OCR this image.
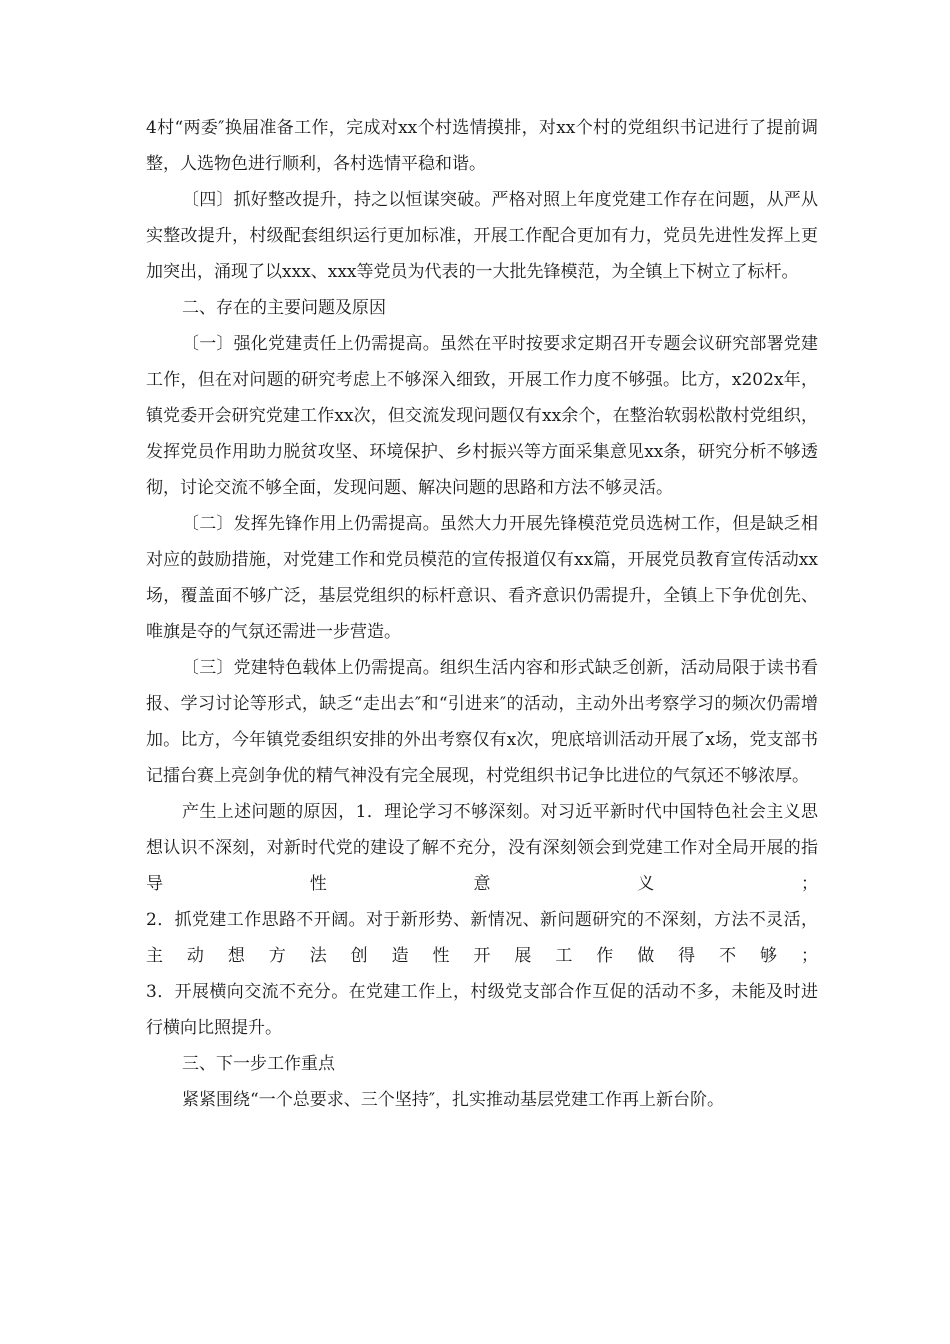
4村“两委″换届准备工作，完成对xx个村选情摸排，对xx个村的党组织书记进行了提前调整，人选物色进行顺利，各村选情平稳和谐。

〔四〕抓好整改提升，持之以恒谋突破。严格对照上年度党建工作存在问题，从严从实整改提升，村级配套组织运行更加标准，开展工作配合更加有力，党员先进性发挥上更加突出，涌现了以xxx、xxx等党员为代表的一大批先锋模范，为全镇上下树立了标杆。

二、存在的主要问题及原因

〔一〕强化党建责任上仍需提高。虽然在平时按要求定期召开专题会议研究部署党建工作，但在对问题的研究考虑上不够深入细致，开展工作力度不够强。比方，x202x年，镇党委开会研究党建工作xx次，但交流发现问题仅有xx余个，在整治软弱松散村党组织，发挥党员作用助力脱贫攻坚、环境保护、乡村振兴等方面采集意见xx条，研究分析不够透彻，讨论交流不够全面，发现问题、解决问题的思路和方法不够灵活。

〔二〕发挥先锋作用上仍需提高。虽然大力开展先锋模范党员选树工作，但是缺乏相对应的鼓励措施，对党建工作和党员模范的宣传报道仅有xx篇，开展党员教育宣传活动xx场，覆盖面不够广泛，基层党组织的标杆意识、看齐意识仍需提升，全镇上下争优创先、唯旗是夺的气氛还需进一步营造。

〔三〕党建特色载体上仍需提高。组织生活内容和形式缺乏创新，活动局限于读书看报、学习讨论等形式，缺乏“走出去″和“引进来″的活动，主动外出考察学习的频次仍需增加。比方，今年镇党委组织安排的外出考察仅有x次，兜底培训活动开展了x场，党支部书记擂台赛上亮剑争优的精气神没有完全展现，村党组织书记争比进位的气氛还不够浓厚。

产生上述问题的原因，1．理论学习不够深刻。对习近平新时代中国特色社会主义思想认识不深刻，对新时代党的建设了解不充分，没有深刻领会到党建工作对全局开展的指导性意义；

2．抓党建工作思路不开阔。对于新形势、新情况、新问题研究的不深刻，方法不灵活，主动想方法创造性开展工作做得不够；

3．开展横向交流不充分。在党建工作上，村级党支部合作互促的活动不多，未能及时进行横向比照提升。

三、下一步工作重点

紧紧围绕“一个总要求、三个坚持″，扎实推动基层党建工作再上新台阶。
